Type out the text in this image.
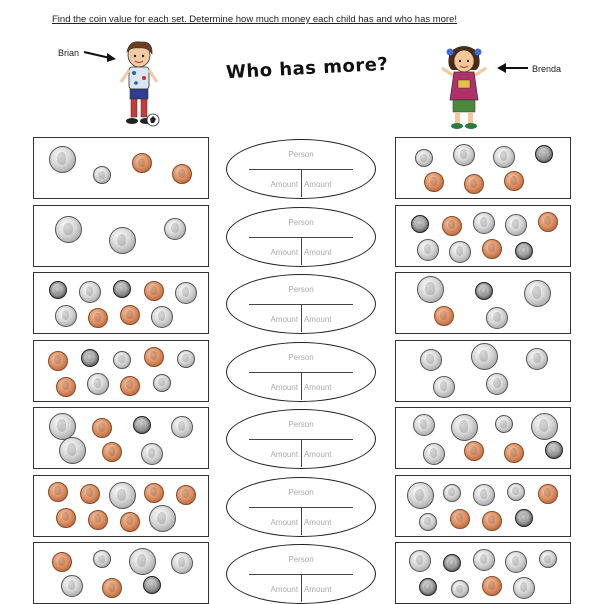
Find the coin value for each set. Determine how much money each child has and who has more!
Brian
Who has more?	Brenda
Person
Amount Amount
Person
Amount Amount
Person
Amount Amount
Person
Amount Amount
Person
Amount Amount
Person
Amount Amount
Person
Amount Amount
